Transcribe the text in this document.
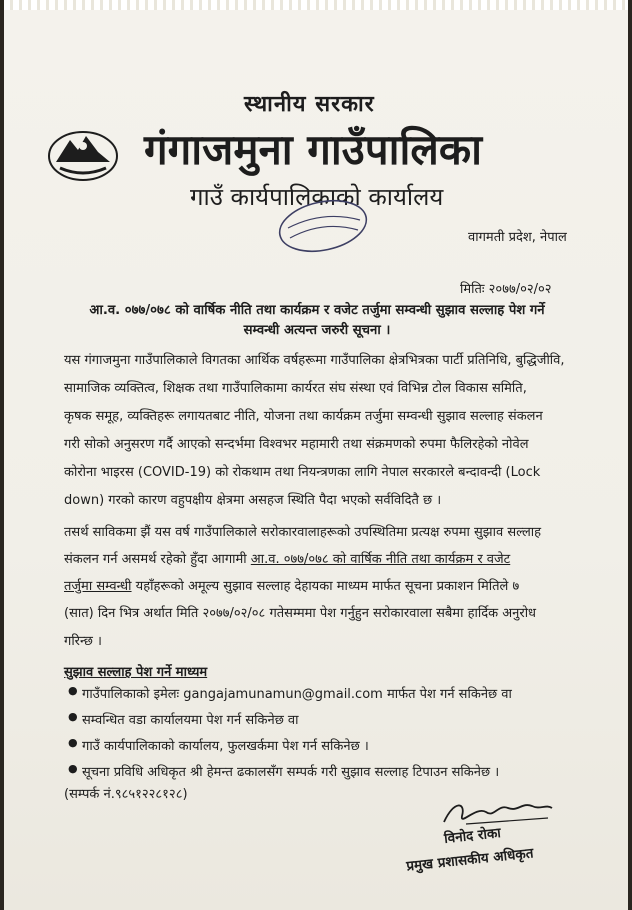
स्थानीय सरकार
गंगाजमुना गाउँपालिका
गाउँ कार्यपालिकाको कार्यालय
वागमती प्रदेश, नेपाल
मितिः २०७७/०२/०२
आ.व. ०७७/०७८ को वार्षिक नीति तथा कार्यक्रम र वजेट तर्जुमा सम्वन्धी सुझाव सल्लाह पेश गर्ने
सम्वन्धी अत्यन्त जरुरी सूचना ।
यस गंगाजमुना गाउँपालिकाले विगतका आर्थिक वर्षहरूमा गाउँपालिका क्षेत्रभित्रका पार्टी प्रतिनिधि, बुद्धिजीवि,
सामाजिक व्यक्तित्व, शिक्षक तथा गाउँपालिकामा कार्यरत संघ संस्था एवं विभिन्न टोल विकास समिति,
कृषक समूह, व्यक्तिहरू लगायतबाट नीति, योजना तथा कार्यक्रम तर्जुमा सम्वन्धी सुझाव सल्लाह संकलन
गरी सोको अनुसरण गर्दै आएको सन्दर्भमा विश्वभर महामारी तथा संक्रमणको रुपमा फैलिरहेको नोवेल
कोरोना भाइरस (COVID-19) को रोकथाम तथा नियन्त्रणका लागि नेपाल सरकारले बन्दावन्दी (Lock
down) गरको कारण वहुपक्षीय क्षेत्रमा असहज स्थिति पैदा भएको सर्वविदितै छ ।
तसर्थ साविकमा झैं यस वर्ष गाउँपालिकाले सरोकारवालाहरूको उपस्थितिमा प्रत्यक्ष रुपमा सुझाव सल्लाह
संकलन गर्न असमर्थ रहेको हुँदा आगामी आ.व. ०७७/०७८ को वार्षिक नीति तथा कार्यक्रम र वजेट
तर्जुमा सम्वन्धी यहाँहरूको अमूल्य सुझाव सल्लाह देहायका माध्यम मार्फत सूचना प्रकाशन मितिले ७
(सात) दिन भित्र अर्थात मिति २०७७/०२/०८ गतेसम्ममा पेश गर्नुहुन सरोकारवाला सबैमा हार्दिक अनुरोध
गरिन्छ ।
सुझाव सल्लाह पेश गर्ने माध्यम
● गाउँपालिकाको इमेलः gangajamunamun@gmail.com मार्फत पेश गर्न सकिनेछ वा
● सम्वन्धित वडा कार्यालयमा पेश गर्न सकिनेछ वा
● गाउँ कार्यपालिकाको कार्यालय, फुलखर्कमा पेश गर्न सकिनेछ ।
● सूचना प्रविधि अधिकृत श्री हेमन्त ढकालसँग सम्पर्क गरी सुझाव सल्लाह टिपाउन सकिनेछ ।
(सम्पर्क नं.९८५१२२८१२८)
विनोद रोका
प्रमुख प्रशासकीय अधिकृत
